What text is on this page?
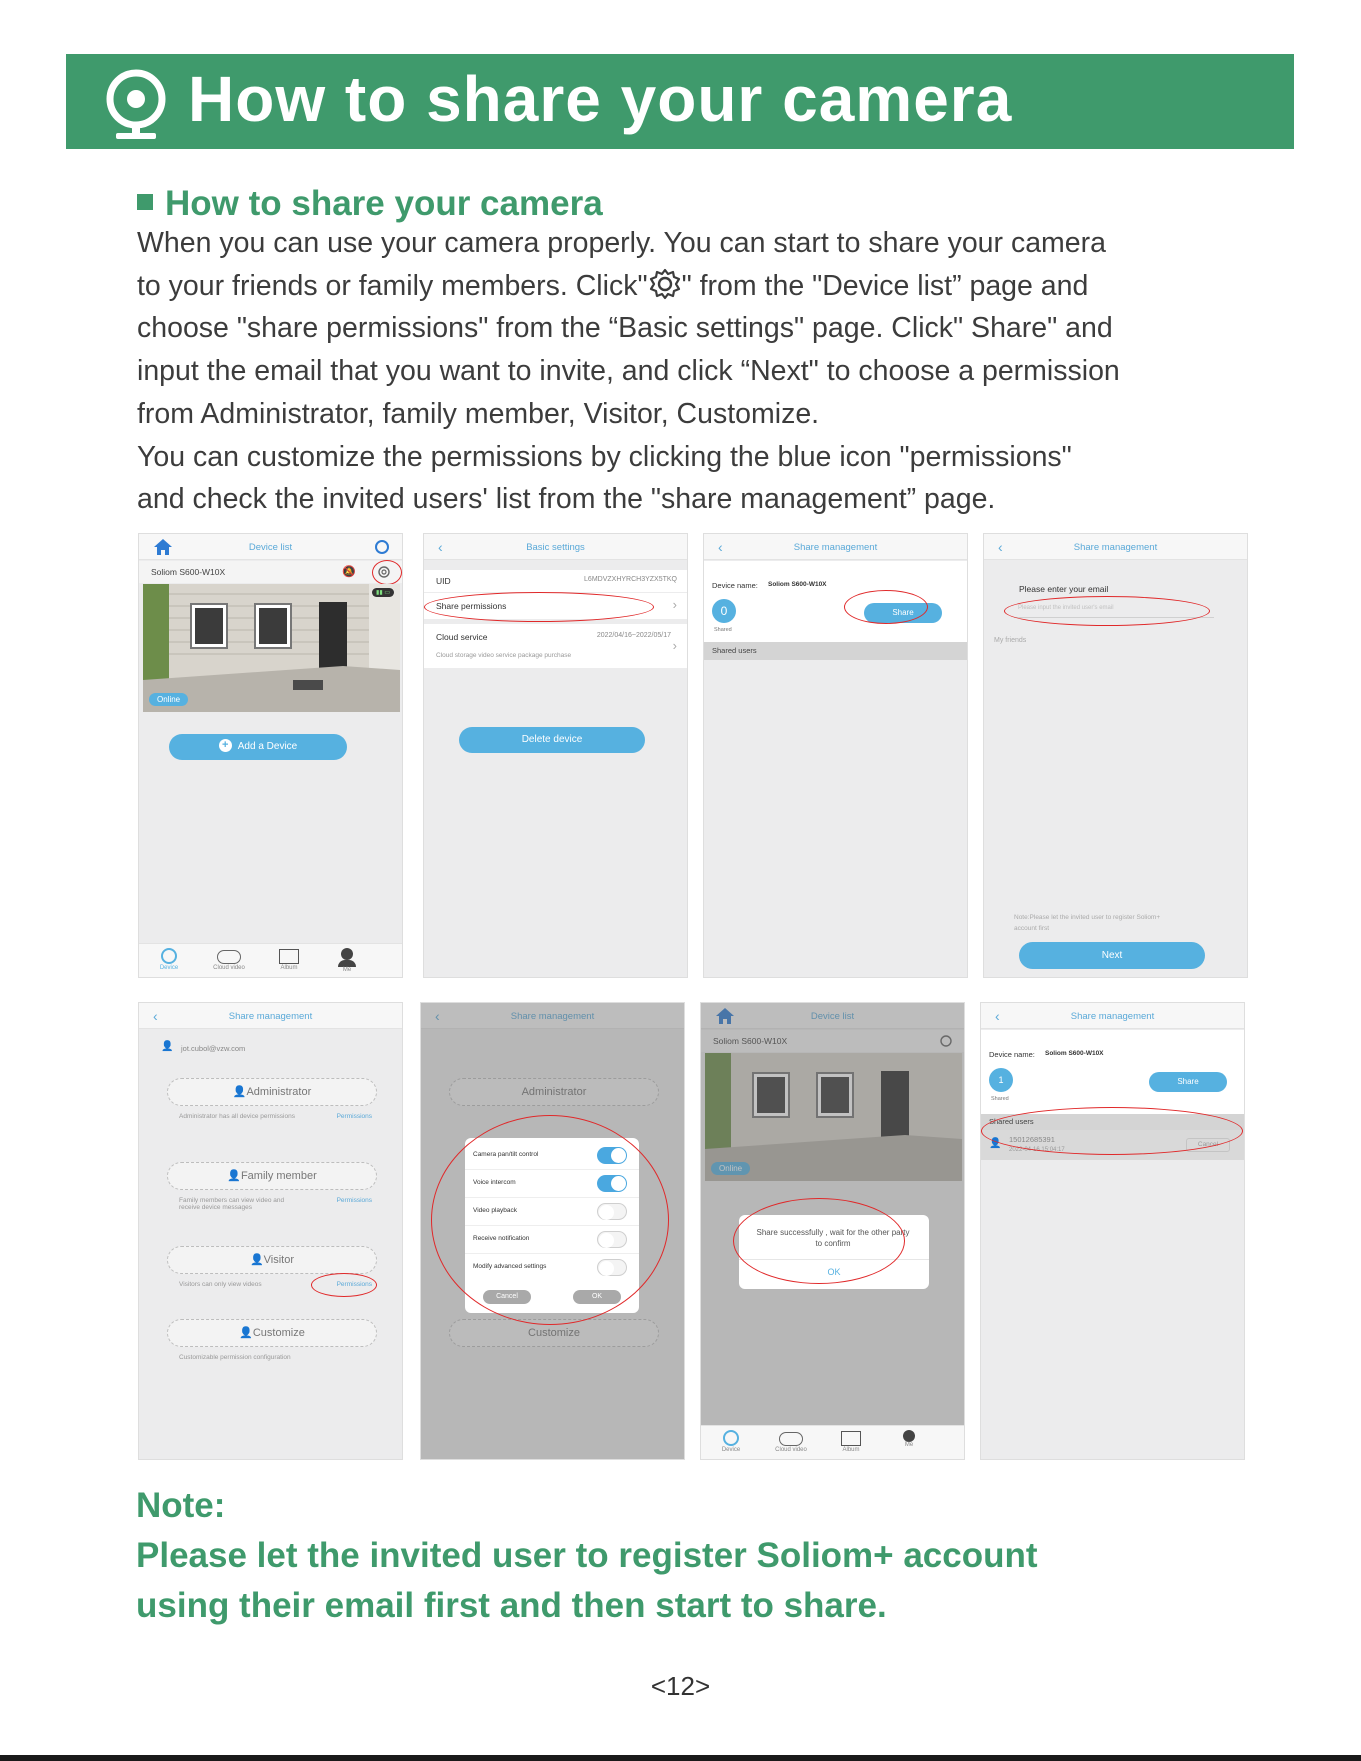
How to share your camera
How to share your camera

When you can use your camera properly. You can start to share your camera

to your friends or family members. Click" " from the "Device list” page and

choose "share permissions" from the “Basic settings" page. Click" Share" and

input the email that you want to invite, and click “Next" to choose a permission

from Administrator, family member, Visitor, Customize.

You can customize the permissions by clicking the blue icon "permissions"

and check the invited users' list from the "share management” page.

Device list
Soliom S600-W10X	🔕
▮▮ ▭
Online
+ Add a Device
Device	Cloud video	Album	Me
‹	Basic settings
UID	L6MDVZXHYRCH3YZX5TKQ
Share permissions	›
Cloud service	2022/04/16~2022/05/17
Cloud storage video service package purchase
›
Delete device
‹	Share management
Device name: Soliom S600-W10X
0
Shared
Share
Shared users
‹	Share management
Please enter your email
Please input the invited user's email
My friends
Note:Please let the invited user to register Soliom+ account first
Next
‹	Share management
👤 jot.cubol@vzw.com
👤Administrator
Administrator has all device permissions	Permissions
👤Family member
Family members can view video and receive device messages
Permissions
👤Visitor
Visitors can only view videos	Permissions
👤Customize
Customizable permission configuration
‹	Share management
Administrator
Customize
Camera pan/tilt control
Voice intercom
Video playback
Receive notification
Modify advanced settings
Cancel	OK
Device list
Soliom S600-W10X
Online
Share successfully , wait for the other party to confirm
OK
Device	Cloud video	Album
Me
‹	Share management
Device name: Soliom S600-W10X
1
Shared
Share
Shared users
👤 15012685391
2022-04-16 15:04:17
Cancel
Note:
Please let the invited user to register Soliom+ account
using their email first and then start to share.
<12>
